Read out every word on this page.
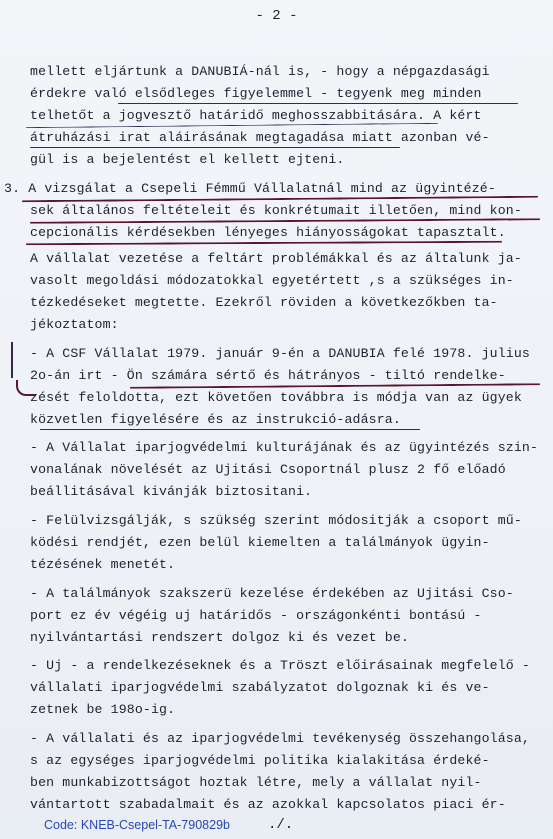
- 2 -
mellett eljártunk a DANUBIÁ-nál is, - hogy a népgazdasági
érdekre való elsődleges figyelemmel - tegyenk meg minden
telhetőt a jogvesztő határidő meghosszabbitására. A kért
átruházási irat aláirásának megtagadása miatt azonban vé-
gül is a bejelentést el kellett ejteni.
3. A vizsgálat a Csepeli Fémmű Vállalatnál mind az ügyintézé-
sek általános feltételeit és konkrétumait illetően, mind kon-
cepcionális kérdésekben lényeges hiányosságokat tapasztalt.
A vállalat vezetése a feltárt problémákkal és az általunk ja-
vasolt megoldási módozatokkal egyetértett ,s a szükséges in-
tézkedéseket megtette. Ezekről röviden a következőkben ta-
jékoztatom:
- A CSF Vállalat 1979. január 9-én a DANUBIA felé 1978. julius
2o-án irt - Ön számára sértő és hátrányos - tiltó rendelke-
zését feloldotta, ezt követően továbbra is módja van az ügyek
közvetlen figyelésére és az instrukció-adásra.
- A Vállalat iparjogvédelmi kulturájának és az ügyintézés szin-
vonalának növelését az Ujitási Csoportnál plusz 2 fő előadó
beállitásával kivánják biztositani.
- Felülvizsgálják, s szükség szerint módositják a csoport mű-
ködési rendjét, ezen belül kiemelten a találmányok ügyin-
tézésének menetét.
- A találmányok szakszerü kezelése érdekében az Ujitási Cso-
port ez év végéig uj határidős - országonkénti bontású -
nyilvántartási rendszert dolgoz ki és vezet be.
- Uj - a rendelkezéseknek és a Tröszt előirásainak megfelelő -
vállalati iparjogvédelmi szabályzatot dolgoznak ki és ve-
zetnek be 198o-ig.
- A vállalati és az iparjogvédelmi tevékenység összehangolása,
s az egységes iparjogvédelmi politika kialakitása érdeké-
ben munkabizottságot hoztak létre, mely a vállalat nyil-
vántartott szabadalmait és az azokkal kapcsolatos piaci ér-
Code: KNEB-Csepel-TA-790829b	./.
